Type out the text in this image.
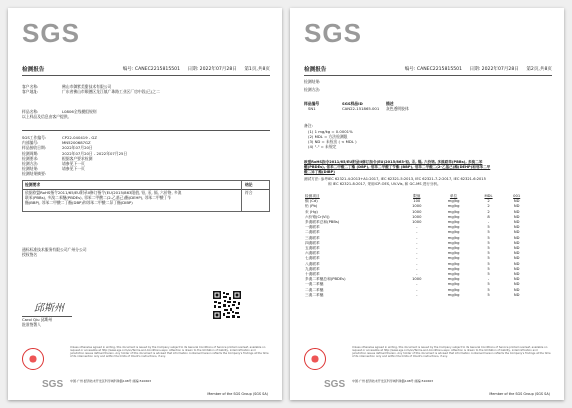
SGS
检测报告	编号: CANEC2215815501 日期: 2022年07月28日 第1页,共8页
客户名称:	佛山市御紫美甜技术有限公司
客户地址:	广东省佛山市顺德区龙江镇广珠路工业区厂房中段(已)之二
样品名称:	L0806全线模组规则
以上样品及信息由客户提供。
SGS工作编号:	CP22-040419 - GZ
内部编号:	MN5200687GZ
样品接收日期:	2022年07月20日
检测周期:	2022年07月20日 - 2022年07月25日
检测要求:	根据客户要求检测
检测方法:	请参见下一页
检测结果:	请参见下一页
检测结果摘要:
检测要求	结论
依据欧盟RoHS指令2011/65/EU附录II修订指令(EU)2015/863限值, 铅, 汞, 镉, 六价铬, 多溴
联苯(PBBs), 多溴二苯醚(PBDEs), 邻苯二甲酸二(2-乙基己)酯(DEHP), 邻苯二甲酸丁苄
酯(BBP), 邻苯二甲酸二丁酯(DBP)和邻苯二甲酸二异丁酯(DIBP)
符合
通标标准技术服务有限公司广州分公司
授权签名
邱斯州
Carol Qiu 邱斯州
批准签署人
Unless otherwise agreed in writing, this document is issued by the Company subject to its General Conditions of Service printed overleaf, available on request or accessible at http://www.sgs.com/en/Terms-and-Conditions.aspx. Attention is drawn to the limitation of liability, indemnification and jurisdiction issues defined therein. Any holder of this document is advised that information contained hereon reflects the Company's findings at the time of its intervention only and within the limits of Client's instructions, if any.
中国·广州·经济技术开发区科学城科珠路198号 邮编:510663
SGS
Member of the SGS Group (SGS SA)
SGS
检测报告	编号: CANEC2215815501 日期: 2022年07月28日 第2页,共8页
检测结果:
检测方法:
样品编号	SGS样品ID	描述
SN1	CAN22-151865.001 灰色透明胶体
备注:
(1) 1 mg/kg = 0.0001%
(2) MDL = 方法检测限
(3) ND = 未检出 ( < MDL )
(4) "-" = 未规定
欧盟RoHS指令2011/65/EU附录II修订指令(EU)2015/863-铅, 汞, 镉, 六价铬, 多溴联苯(PBBs), 多溴二苯
醚(PBDEs), 邻苯二甲酸二丁酯 (DBP), 邻苯二甲酸丁苄酯 (BBP), 邻苯二甲酸二(2-乙基己)酯(DEHP)和邻苯二甲
酸二异丁酯(DIBP)
测试方法: 参考IEC 62321-4:2013+A1:2017, IEC 62321-5:2013, IEC 62321-7-2:2017, IEC 62321-6:2015
和 IEC 62321-8:2017, 采用ICP-OES, UV-Vis, 和 GC-MS 进行分析。
检测项目	限值	单位	MDL	001
镉 (Cd)	100	mg/kg	2	ND
铅 (Pb)	1000	mg/kg	2	ND
汞 (Hg)	1000	mg/kg	2	ND
六价铬(Cr(VI))	1000	mg/kg	8	ND
多溴联苯总和(PBBs)	1000	mg/kg	-	ND
一溴联苯	-	mg/kg	5	ND
二溴联苯	-	mg/kg	5	ND
三溴联苯	-	mg/kg	5	ND
四溴联苯	-	mg/kg	5	ND
五溴联苯	-	mg/kg	5	ND
六溴联苯	-	mg/kg	5	ND
七溴联苯	-	mg/kg	5	ND
八溴联苯	-	mg/kg	5	ND
九溴联苯	-	mg/kg	5	ND
十溴联苯	-	mg/kg	5	ND
多溴二苯醚总和(PBDEs)	1000	mg/kg	-	ND
一溴二苯醚	-	mg/kg	5	ND
二溴二苯醚	-	mg/kg	5	ND
三溴二苯醚	-	mg/kg	5	ND
Unless otherwise agreed in writing, this document is issued by the Company subject to its General Conditions of Service printed overleaf, available on request or accessible at http://www.sgs.com/en/Terms-and-Conditions.aspx. Attention is drawn to the limitation of liability, indemnification and jurisdiction issues defined therein. Any holder of this document is advised that information contained hereon reflects the Company's findings at the time of its intervention only and within the limits of Client's instructions, if any.
中国·广州·经济技术开发区科学城科珠路198号 邮编:510663
SGS
Member of the SGS Group (SGS SA)
